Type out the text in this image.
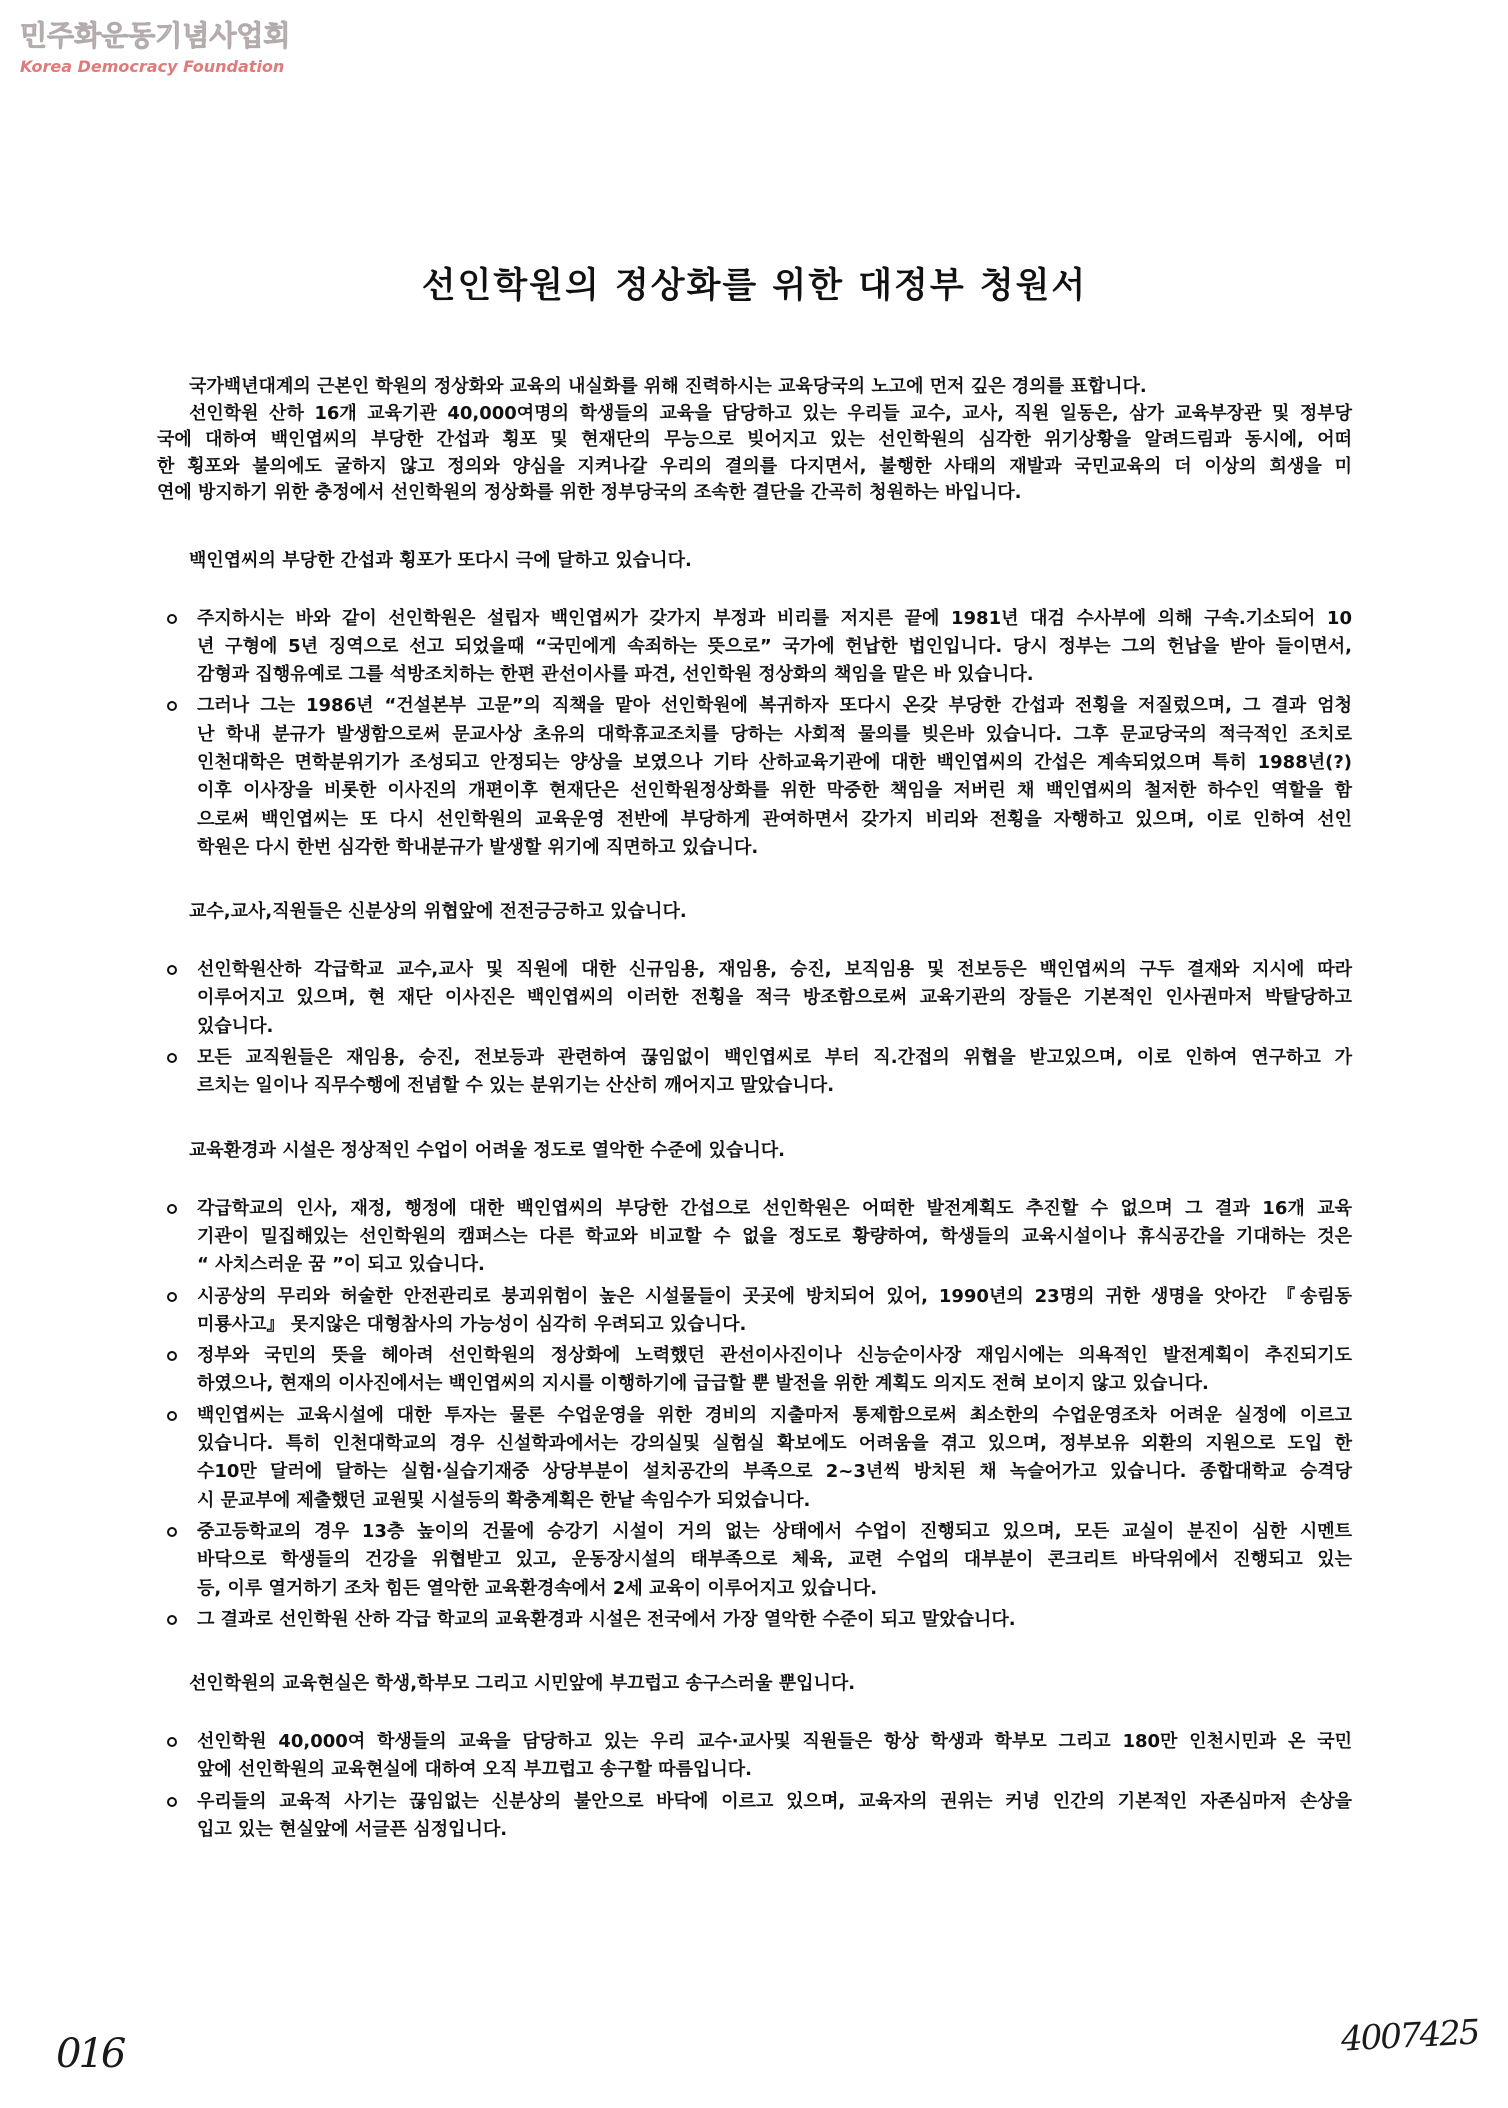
민주화운동기념사업회
Korea Democracy Foundation
선인학원의 정상화를 위한 대정부 청원서
국가백년대계의 근본인 학원의 정상화와 교육의 내실화를 위해 진력하시는 교육당국의 노고에 먼저 깊은 경의를 표합니다.
선인학원 산하 16개 교육기관 40,000여명의 학생들의 교육을 담당하고 있는 우리들 교수, 교사, 직원 일동은, 삼가 교육부장관 및 정부당
국에 대하여 백인엽씨의 부당한 간섭과 횡포 및 현재단의 무능으로 빚어지고 있는 선인학원의 심각한 위기상황을 알려드림과 동시에, 어떠
한 횡포와 불의에도 굴하지 않고 정의와 양심을 지켜나갈 우리의 결의를 다지면서, 불행한 사태의 재발과 국민교육의 더 이상의 희생을 미
연에 방지하기 위한 충정에서 선인학원의 정상화를 위한 정부당국의 조속한 결단을 간곡히 청원하는 바입니다.
백인엽씨의 부당한 간섭과 횡포가 또다시 극에 달하고 있습니다.
주지하시는 바와 같이 선인학원은 설립자 백인엽씨가 갖가지 부정과 비리를 저지른 끝에 1981년 대검 수사부에 의해 구속.기소되어 10
년 구형에 5년 징역으로 선고 되었을때 “국민에게 속죄하는 뜻으로” 국가에 헌납한 법인입니다. 당시 정부는 그의 헌납을 받아 들이면서,
감형과 집행유예로 그를 석방조치하는 한편 관선이사를 파견, 선인학원 정상화의 책임을 맡은 바 있습니다.
그러나 그는 1986년 “건설본부 고문”의 직책을 맡아 선인학원에 복귀하자 또다시 온갖 부당한 간섭과 전횡을 저질렀으며, 그 결과 엄청
난 학내 분규가 발생함으로써 문교사상 초유의 대학휴교조치를 당하는 사회적 물의를 빚은바 있습니다. 그후 문교당국의 적극적인 조치로
인천대학은 면학분위기가 조성되고 안정되는 양상을 보였으나 기타 산하교육기관에 대한 백인엽씨의 간섭은 계속되었으며 특히 1988년(?)
이후 이사장을 비롯한 이사진의 개편이후 현재단은 선인학원정상화를 위한 막중한 책임을 저버린 채 백인엽씨의 철저한 하수인 역할을 함
으로써 백인엽씨는 또 다시 선인학원의 교육운영 전반에 부당하게 관여하면서 갖가지 비리와 전횡을 자행하고 있으며, 이로 인하여 선인
학원은 다시 한번 심각한 학내분규가 발생할 위기에 직면하고 있습니다.
교수,교사,직원들은 신분상의 위협앞에 전전긍긍하고 있습니다.
선인학원산하 각급학교 교수,교사 및 직원에 대한 신규임용, 재임용, 승진, 보직임용 및 전보등은 백인엽씨의 구두 결재와 지시에 따라
이루어지고 있으며, 현 재단 이사진은 백인엽씨의 이러한 전횡을 적극 방조함으로써 교육기관의 장들은 기본적인 인사권마저 박탈당하고
있습니다.
모든 교직원들은 재임용, 승진, 전보등과 관련하여 끊임없이 백인엽씨로 부터 직.간접의 위협을 받고있으며, 이로 인하여 연구하고 가
르치는 일이나 직무수행에 전념할 수 있는 분위기는 산산히 깨어지고 말았습니다.
교육환경과 시설은 정상적인 수업이 어려울 정도로 열악한 수준에 있습니다.
각급학교의 인사, 재정, 행정에 대한 백인엽씨의 부당한 간섭으로 선인학원은 어떠한 발전계획도 추진할 수 없으며 그 결과 16개 교육
기관이 밀집해있는 선인학원의 캠퍼스는 다른 학교와 비교할 수 없을 정도로 황량하여, 학생들의 교육시설이나 휴식공간을 기대하는 것은
“ 사치스러운 꿈 ”이 되고 있습니다.
시공상의 무리와 허술한 안전관리로 붕괴위험이 높은 시설물들이 곳곳에 방치되어 있어, 1990년의 23명의 귀한 생명을 앗아간 『송림동
미룡사고』 못지않은 대형참사의 가능성이 심각히 우려되고 있습니다.
정부와 국민의 뜻을 헤아려 선인학원의 정상화에 노력했던 관선이사진이나 신능순이사장 재임시에는 의욕적인 발전계획이 추진되기도
하였으나, 현재의 이사진에서는 백인엽씨의 지시를 이행하기에 급급할 뿐 발전을 위한 계획도 의지도 전혀 보이지 않고 있습니다.
백인엽씨는 교육시설에 대한 투자는 물론 수업운영을 위한 경비의 지출마저 통제함으로써 최소한의 수업운영조차 어려운 실정에 이르고
있습니다. 특히 인천대학교의 경우 신설학과에서는 강의실및 실험실 확보에도 어려움을 겪고 있으며, 정부보유 외환의 지원으로 도입 한
수10만 달러에 달하는 실험·실습기재중 상당부분이 설치공간의 부족으로 2~3년씩 방치된 채 녹슬어가고 있습니다. 종합대학교 승격당
시 문교부에 제출했던 교원및 시설등의 확충계획은 한낱 속임수가 되었습니다.
중고등학교의 경우 13층 높이의 건물에 승강기 시설이 거의 없는 상태에서 수업이 진행되고 있으며, 모든 교실이 분진이 심한 시멘트
바닥으로 학생들의 건강을 위협받고 있고, 운동장시설의 태부족으로 체육, 교련 수업의 대부분이 콘크리트 바닥위에서 진행되고 있는
등, 이루 열거하기 조차 힘든 열악한 교육환경속에서 2세 교육이 이루어지고 있습니다.
그 결과로 선인학원 산하 각급 학교의 교육환경과 시설은 전국에서 가장 열악한 수준이 되고 말았습니다.
선인학원의 교육현실은 학생,학부모 그리고 시민앞에 부끄럽고 송구스러울 뿐입니다.
선인학원 40,000여 학생들의 교육을 담당하고 있는 우리 교수·교사및 직원들은 항상 학생과 학부모 그리고 180만 인천시민과 온 국민
앞에 선인학원의 교육현실에 대하여 오직 부끄럽고 송구할 따름입니다.
우리들의 교육적 사기는 끊임없는 신분상의 불안으로 바닥에 이르고 있으며, 교육자의 권위는 커녕 인간의 기본적인 자존심마저 손상을
입고 있는 현실앞에 서글픈 심정입니다.
016	4007425
